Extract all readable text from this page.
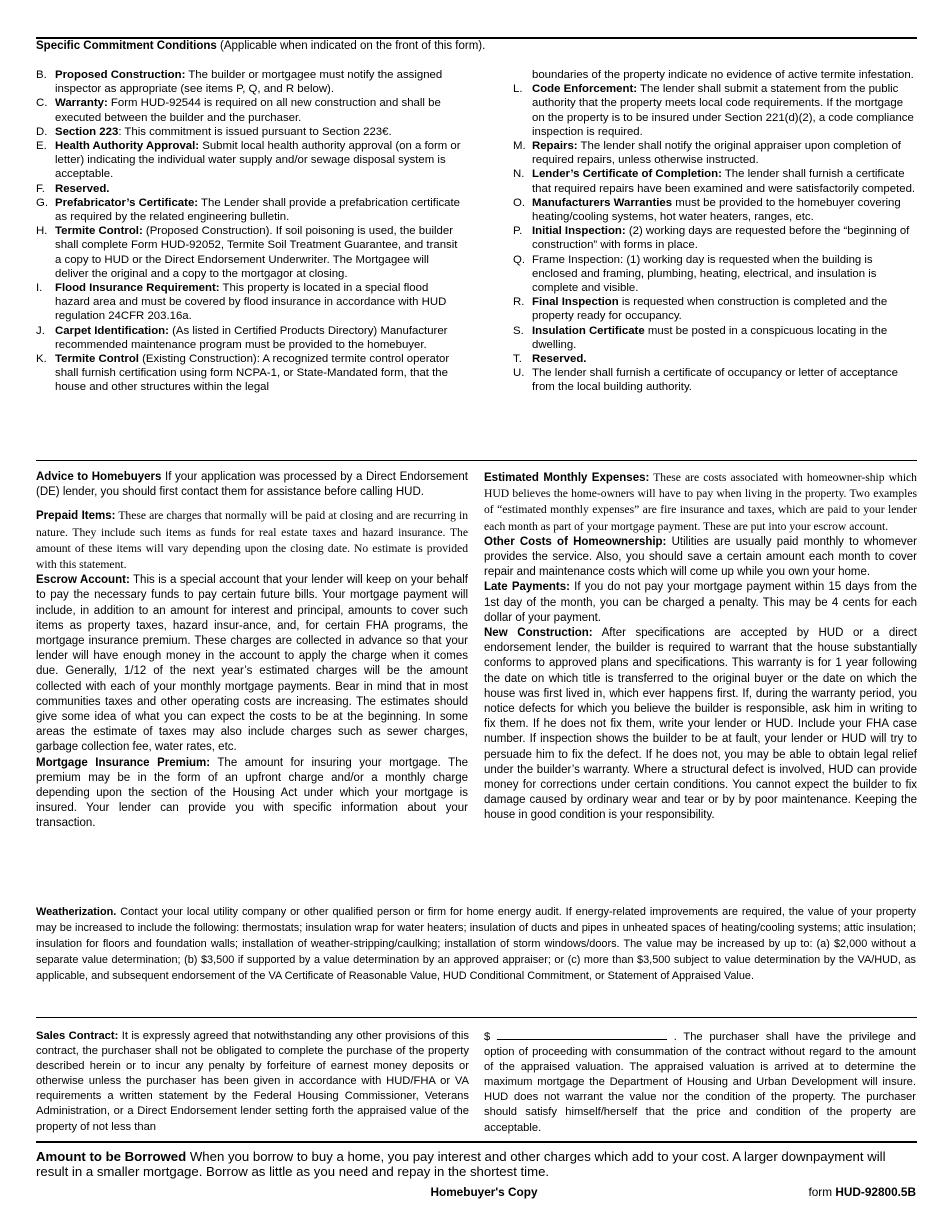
Specific Commitment Conditions (Applicable when indicated on the front of this form).
B. Proposed Construction: The builder or mortgagee must notify the assigned inspector as appropriate (see items P, Q, and R below).
C. Warranty: Form HUD-92544 is required on all new construction and shall be executed between the builder and the purchaser.
D. Section 223: This commitment is issued pursuant to Section 223€.
E. Health Authority Approval: Submit local health authority approval (on a form or letter) indicating the individual water supply and/or sewage disposal system is acceptable.
F. Reserved.
G. Prefabricator’s Certificate: The Lender shall provide a prefabrication certificate as required by the related engineering bulletin.
H. Termite Control: (Proposed Construction). If soil poisoning is used, the builder shall complete Form HUD-92052, Termite Soil Treatment Guarantee, and transit a copy to HUD or the Direct Endorsement Underwriter. The Mortgagee will deliver the original and a copy to the mortgagor at closing.
I.	Flood Insurance Requirement: This property is located in a special flood hazard area and must be covered by flood insurance in accordance with HUD regulation 24CFR 203.16a.
J. Carpet Identification: (As listed in Certified Products Directory) Manufacturer recommended maintenance program must be provided to the homebuyer.
K. Termite Control (Existing Construction): A recognized termite control operator shall furnish certification using form NCPA-1, or State-Mandated form, that the house and other structures within the legal
boundaries of the property indicate no evidence of active termite infestation.
L. Code Enforcement: The lender shall submit a statement from the public authority that the property meets local code requirements. If the mortgage on the property is to be insured under Section 221(d)(2), a code compliance inspection is required.
M. Repairs: The lender shall notify the original appraiser upon completion of required repairs, unless otherwise instructed.
N. Lender’s Certificate of Completion: The lender shall furnish a certificate that required repairs have been examined and were satisfactorily competed.
O. Manufacturers Warranties must be provided to the homebuyer covering heating/cooling systems, hot water heaters, ranges, etc.
P. Initial Inspection: (2) working days are requested before the “beginning of construction” with forms in place.
Q. Frame Inspection: (1) working day is requested when the building is enclosed and framing, plumbing, heating, electrical, and insulation is complete and visible.
R. Final Inspection is requested when construction is completed and the property ready for occupancy.
S. Insulation Certificate must be posted in a conspicuous locating in the dwelling.
T. Reserved.
U. The lender shall furnish a certificate of occupancy or letter of acceptance from the local building authority.

Advice to Homebuyers If your application was processed by a Direct Endorsement (DE) lender, you should first contact them for assistance before calling HUD.

Prepaid Items: These are charges that normally will be paid at closing and are recurring in nature. They include such items as funds for real estate taxes and hazard insurance. The amount of these items will vary depending upon the closing date. No estimate is provided with this statement.

Escrow Account: This is a special account that your lender will keep on your behalf to pay the necessary funds to pay certain future bills. Your mortgage payment will include, in addition to an amount for interest and principal, amounts to cover such items as property taxes, hazard insur-ance, and, for certain FHA programs, the mortgage insurance premium. These charges are collected in advance so that your lender will have enough money in the account to apply the charge when it comes due. Generally, 1/12 of the next year’s estimated charges will be the amount collected with each of your monthly mortgage payments. Bear in mind that in most communities taxes and other operating costs are increasing. The estimates should give some idea of what you can expect the costs to be at the beginning. In some areas the estimate of taxes may also include charges such as sewer charges, garbage collection fee, water rates, etc.

Mortgage Insurance Premium: The amount for insuring your mortgage. The premium may be in the form of an upfront charge and/or a monthly charge depending upon the section of the Housing Act under which your mortgage is insured. Your lender can provide you with specific information about your transaction.

Estimated Monthly Expenses: These are costs associated with homeowner-ship which HUD believes the home-owners will have to pay when living in the property. Two examples of “estimated monthly expenses” are fire insurance and taxes, which are paid to your lender each month as part of your mortgage payment. These are put into your escrow account.

Other Costs of Homeownership: Utilities are usually paid monthly to whomever provides the service. Also, you should save a certain amount each month to cover repair and maintenance costs which will come up while you own your home.

Late Payments: If you do not pay your mortgage payment within 15 days from the 1st day of the month, you can be charged a penalty. This may be 4 cents for each dollar of your payment.

New Construction: After specifications are accepted by HUD or a direct endorsement lender, the builder is required to warrant that the house substantially conforms to approved plans and specifications. This warranty is for 1 year following the date on which title is transferred to the original buyer or the date on which the house was first lived in, which ever happens first. If, during the warranty period, you notice defects for which you believe the builder is responsible, ask him in writing to fix them. If he does not fix them, write your lender or HUD. Include your FHA case number. If inspection shows the builder to be at fault, your lender or HUD will try to persuade him to fix the defect. If he does not, you may be able to obtain legal relief under the builder’s warranty. Where a structural defect is involved, HUD can provide money for corrections under certain conditions. You cannot expect the builder to fix damage caused by ordinary wear and tear or by by poor maintenance. Keeping the house in good condition is your responsibility.

Weatherization. Contact your local utility company or other qualified person or firm for home energy audit. If energy-related improvements are required, the value of your property may be increased to include the following: thermostats; insulation wrap for water heaters; insulation of ducts and pipes in unheated spaces of heating/cooling systems; attic insulation; insulation for floors and foundation walls; installation of weather-stripping/caulking; installation of storm windows/doors. The value may be increased by up to: (a) $2,000 without a separate value determination; (b) $3,500 if supported by a value determination by an approved appraiser; or (c) more than $3,500 subject to value determination by the VA/HUD, as applicable, and subsequent endorsement of the VA Certificate of Reasonable Value, HUD Conditional Commitment, or Statement of Appraised Value.
Sales Contract: It is expressly agreed that notwithstanding any other provisions of this contract, the purchaser shall not be obligated to complete the purchase of the property described herein or to incur any penalty by forfeiture of earnest money deposits or otherwise unless the purchaser has been given in accordance with HUD/FHA or VA requirements a written statement by the Federal Housing Commissioner, Veterans Administration, or a Direct Endorsement lender setting forth the appraised value of the property of not less than
$	. The purchaser shall have the privilege and option of proceeding with consummation of the contract without regard to the amount of the appraised valuation. The appraised valuation is arrived at to determine the maximum mortgage the Department of Housing and Urban Development will insure. HUD does not warrant the value nor the condition of the property. The purchaser should satisfy himself/herself that the price and condition of the property are acceptable.
Amount to be Borrowed When you borrow to buy a home, you pay interest and other charges which add to your cost. A larger downpayment will result in a smaller mortgage. Borrow as little as you need and repay in the shortest time.
Homebuyer's Copy	form HUD-92800.5B
